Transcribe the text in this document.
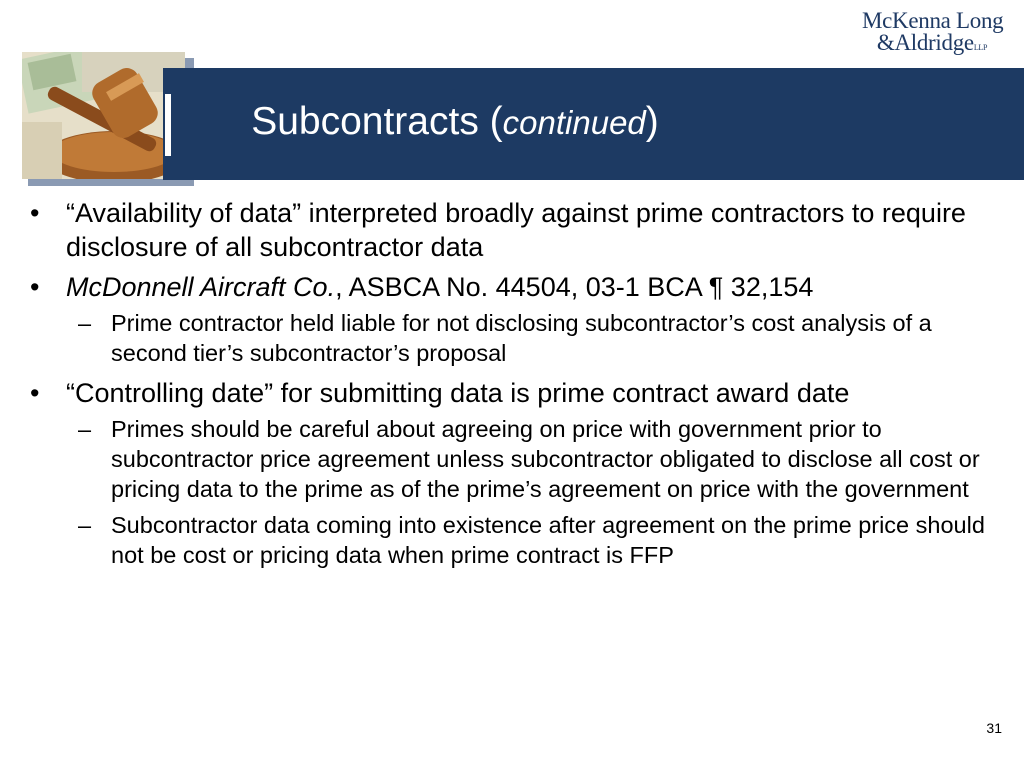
McKenna Long
&AldridgeLLP
Subcontracts (continued)
• “Availability of data” interpreted broadly against prime contractors to require disclosure of all subcontractor data
• McDonnell Aircraft Co., ASBCA No. 44504, 03-1 BCA ¶ 32,154
– Prime contractor held liable for not disclosing subcontractor’s cost analysis of a second tier’s subcontractor’s proposal
• “Controlling date” for submitting data is prime contract award date
– Primes should be careful about agreeing on price with government prior to subcontractor price agreement unless subcontractor obligated to disclose all cost or pricing data to the prime as of the prime’s agreement on price with the government
– Subcontractor data coming into existence after agreement on the prime price should not be cost or pricing data when prime contract is FFP
31
